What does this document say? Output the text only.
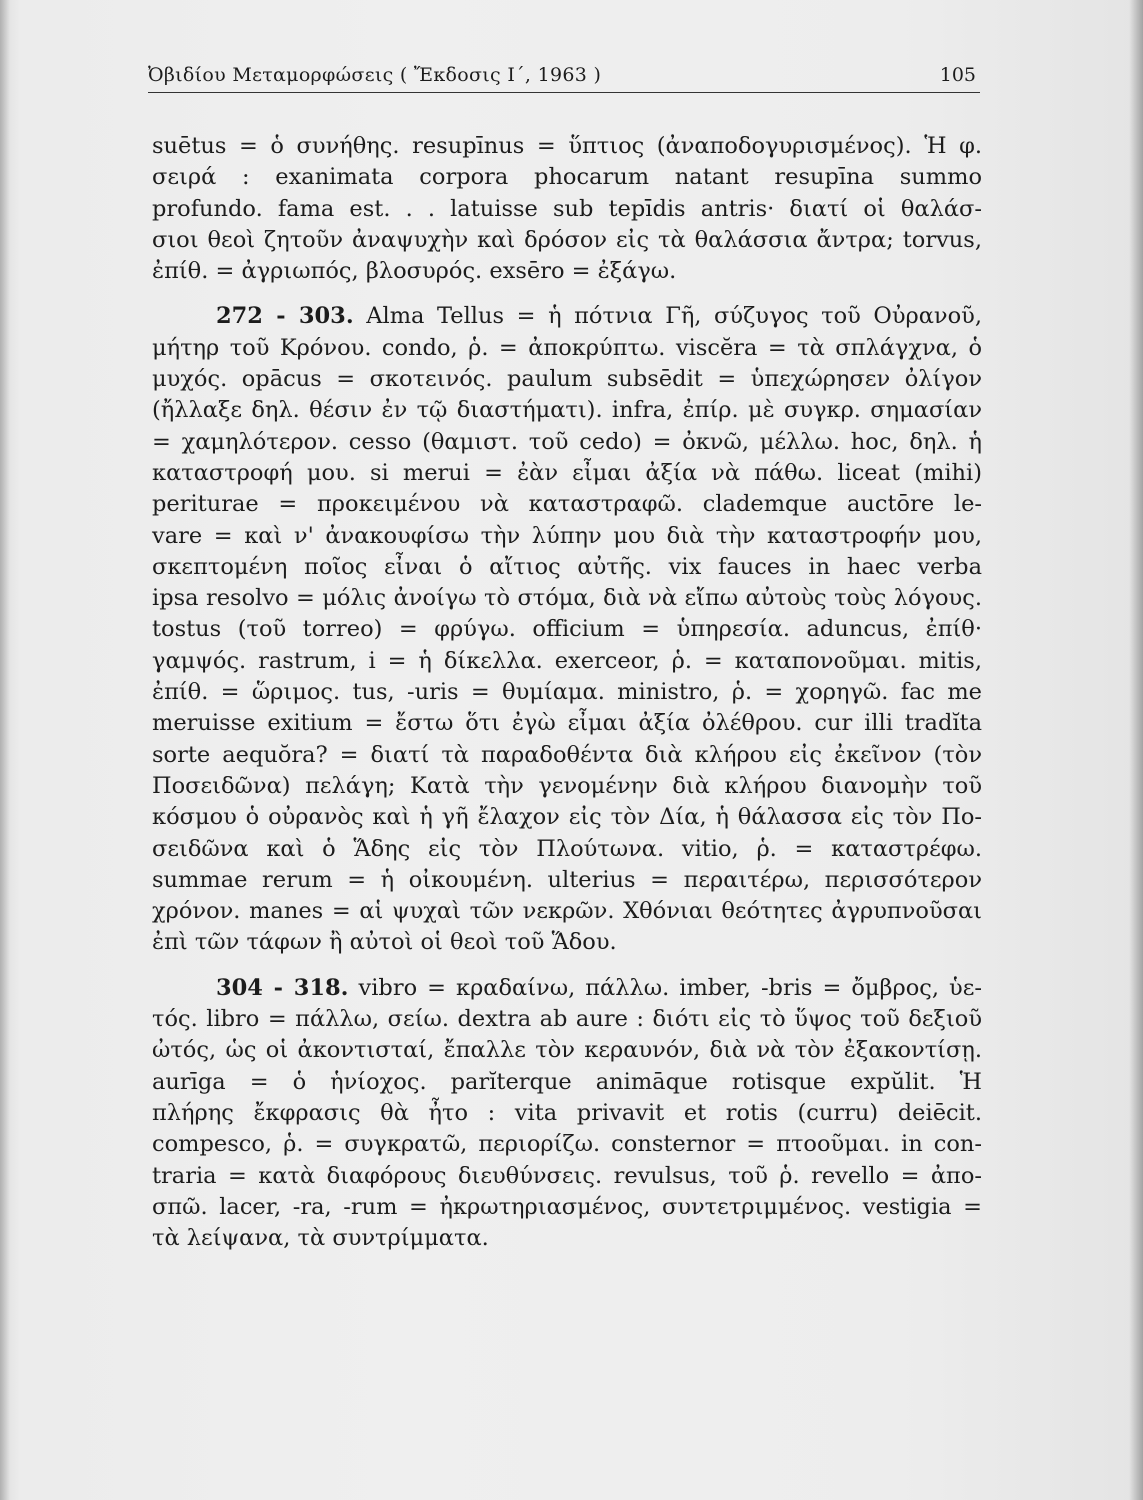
Ὀβιδίου Μεταμορφώσεις ( Ἔκδοσις Ι΄, 1963 )	105
suētus = ὁ συνήθης. resupīnus = ὕπτιος (ἀναποδογυρισμένος). Ἡ φ.
σειρά : exanimata corpora phocarum natant resupīna summo
profundo. fama est. . . latuisse sub tepīdis antris· διατί οἱ θαλάσ-
σιοι θεοὶ ζητοῦν ἀναψυχὴν καὶ δρόσον εἰς τὰ θαλάσσια ἄντρα; torvus,
ἐπίθ. = ἀγριωπός, βλοσυρός. exsēro = ἐξάγω.
272 - 303. Alma Tellus = ἡ πότνια Γῆ, σύζυγος τοῦ Οὐρανοῦ,
μήτηρ τοῦ Κρόνου. condo, ῥ. = ἀποκρύπτω. viscĕra = τὰ σπλάγχνα, ὁ
μυχός. opācus = σκοτεινός. paulum subsēdit = ὑπεχώρησεν ὀλίγον
(ἤλλαξε δηλ. θέσιν ἐν τῷ διαστήματι). infra, ἐπίρ. μὲ συγκρ. σημασίαν
= χαμηλότερον. cesso (θαμιστ. τοῦ cedo) = ὀκνῶ, μέλλω. hoc, δηλ. ἡ
καταστροφή μου. si merui = ἐὰν εἶμαι ἀξία νὰ πάθω. liceat (mihi)
periturae = προκειμένου νὰ καταστραφῶ. clademque auctōre le-
vare = καὶ ν' ἀνακουφίσω τὴν λύπην μου διὰ τὴν καταστροφήν μου,
σκεπτομένη ποῖος εἶναι ὁ αἴτιος αὐτῆς. vix fauces in haec verba
ipsa resolvo = μόλις ἀνοίγω τὸ στόμα, διὰ νὰ εἴπω αὐτοὺς τοὺς λόγους.
tostus (τοῦ torreo) = φρύγω. officium = ὑπηρεσία. aduncus, ἐπίθ·
γαμψός. rastrum, i = ἡ δίκελλα. exerceor, ῥ. = καταπονοῦμαι. mitis,
ἐπίθ. = ὥριμος. tus, -uris = θυμίαμα. ministro, ῥ. = χορηγῶ. fac me
meruisse exitium = ἔστω ὅτι ἐγὼ εἶμαι ἀξία ὀλέθρου. cur illi tradĭta
sorte aequŏra? = διατί τὰ παραδοθέντα διὰ κλήρου εἰς ἐκεῖνον (τὸν
Ποσειδῶνα) πελάγη; Κατὰ τὴν γενομένην διὰ κλήρου διανομὴν τοῦ
κόσμου ὁ οὐρανὸς καὶ ἡ γῆ ἔλαχον εἰς τὸν Δία, ἡ θάλασσα εἰς τὸν Πο-
σειδῶνα καὶ ὁ Ἅδης εἰς τὸν Πλούτωνα. vitio, ῥ. = καταστρέφω.
summae rerum = ἡ οἰκουμένη. ulterius = περαιτέρω, περισσότερον
χρόνον. manes = αἱ ψυχαὶ τῶν νεκρῶν. Χθόνιαι θεότητες ἀγρυπνοῦσαι
ἐπὶ τῶν τάφων ἢ αὐτοὶ οἱ θεοὶ τοῦ Ἅδου.
304 - 318. vibro = κραδαίνω, πάλλω. imber, -bris = ὄμβρος, ὑε-
τός. libro = πάλλω, σείω. dextra ab aure : διότι εἰς τὸ ὕψος τοῦ δεξιοῦ
ὠτός, ὡς οἱ ἀκοντισταί, ἔπαλλε τὸν κεραυνόν, διὰ νὰ τὸν ἐξακοντίσῃ.
aurīga = ὁ ἡνίοχος. parĭterque animāque rotisque expŭlit. Ἡ
πλήρης ἔκφρασις θὰ ἦτο : vita privavit et rotis (curru) deiēcit.
compesco, ῥ. = συγκρατῶ, περιορίζω. consternor = πτοοῦμαι. in con-
traria = κατὰ διαφόρους διευθύνσεις. revulsus, τοῦ ῥ. revello = ἀπο-
σπῶ. lacer, -ra, -rum = ἠκρωτηριασμένος, συντετριμμένος. vestigia =
τὰ λείψανα, τὰ συντρίμματα.
